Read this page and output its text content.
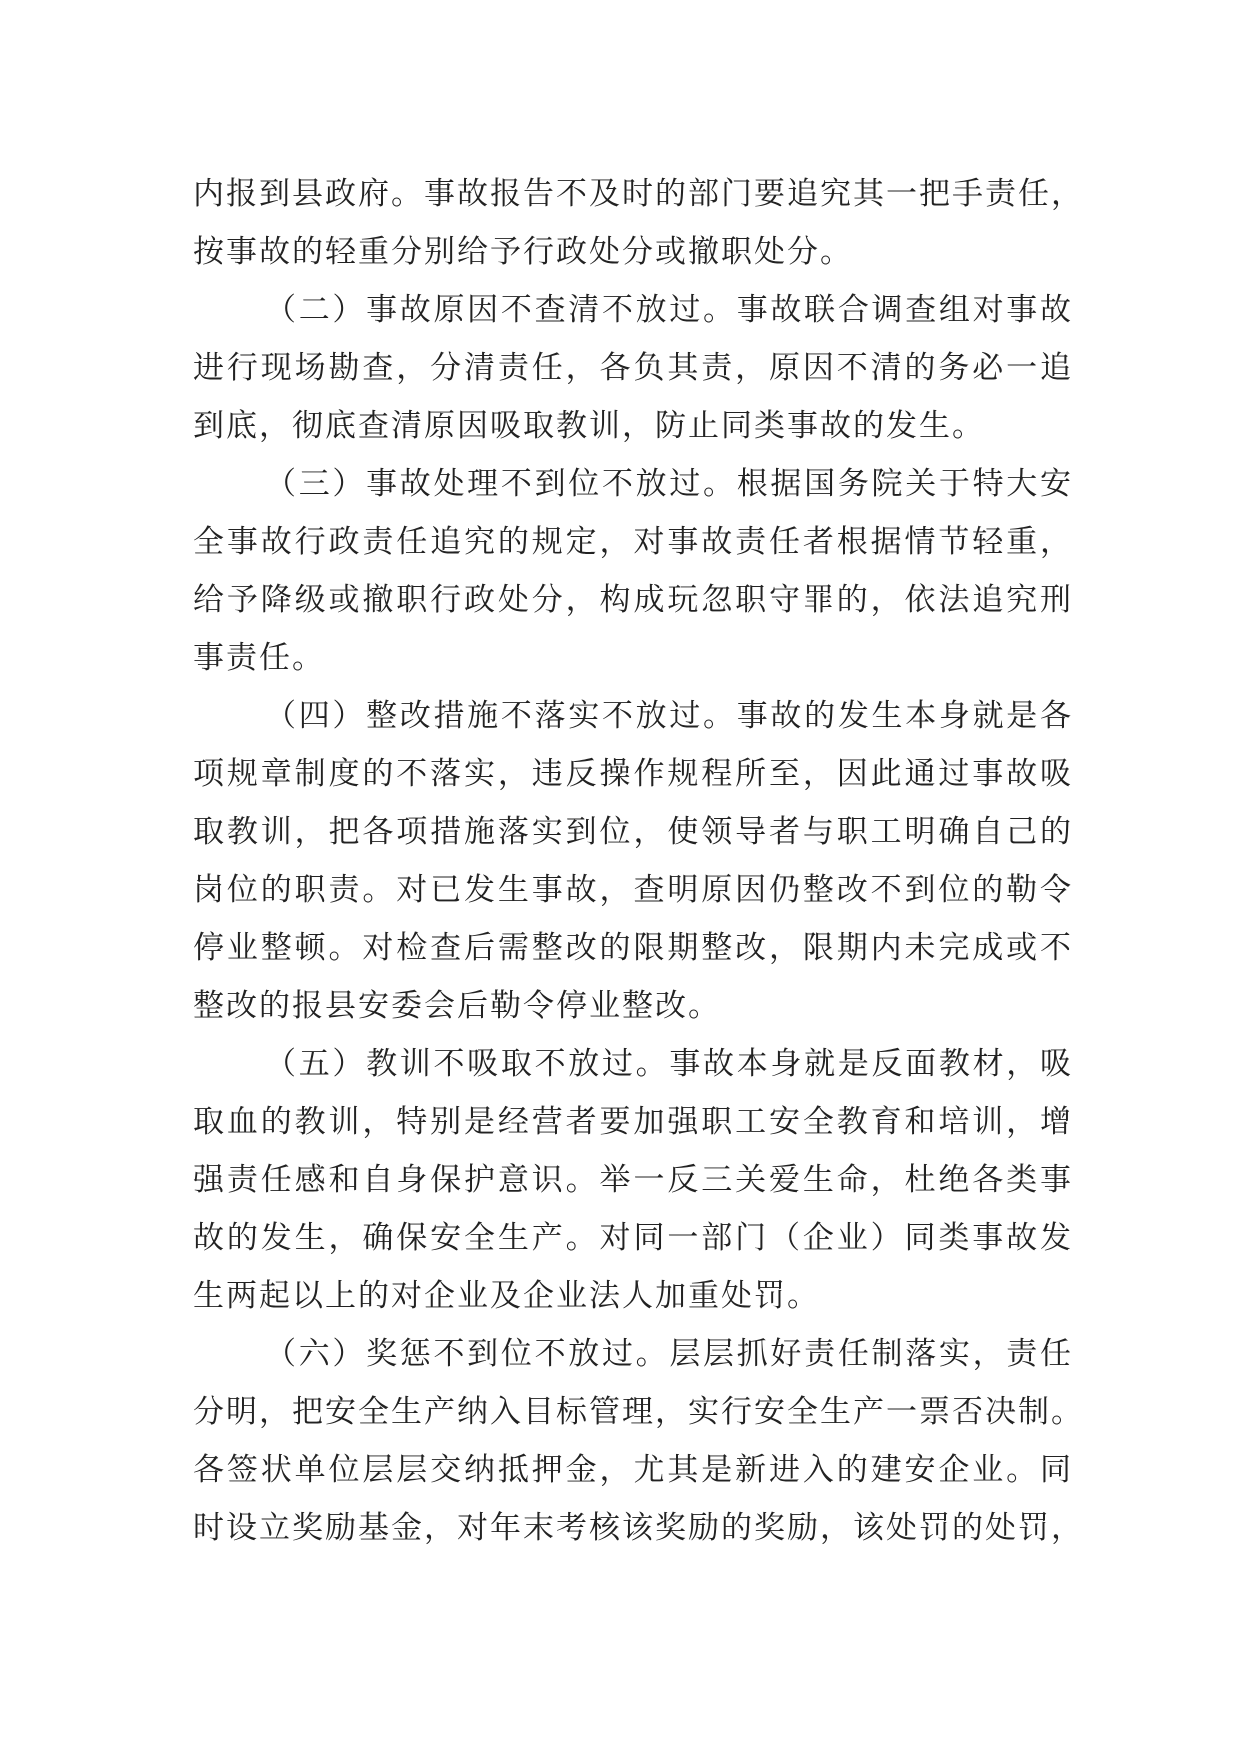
内报到县政府。事故报告不及时的部门要追究其一把手责任，
按事故的轻重分别给予行政处分或撤职处分。
（二）事故原因不查清不放过。事故联合调查组对事故
进行现场勘查，分清责任，各负其责，原因不清的务必一追
到底，彻底查清原因吸取教训，防止同类事故的发生。
（三）事故处理不到位不放过。根据国务院关于特大安
全事故行政责任追究的规定，对事故责任者根据情节轻重，
给予降级或撤职行政处分，构成玩忽职守罪的，依法追究刑
事责任。
（四）整改措施不落实不放过。事故的发生本身就是各
项规章制度的不落实，违反操作规程所至，因此通过事故吸
取教训，把各项措施落实到位，使领导者与职工明确自己的
岗位的职责。对已发生事故，查明原因仍整改不到位的勒令
停业整顿。对检查后需整改的限期整改，限期内未完成或不
整改的报县安委会后勒令停业整改。
（五）教训不吸取不放过。事故本身就是反面教材，吸
取血的教训，特别是经营者要加强职工安全教育和培训，增
强责任感和自身保护意识。举一反三关爱生命，杜绝各类事
故的发生，确保安全生产。对同一部门（企业）同类事故发
生两起以上的对企业及企业法人加重处罚。
（六）奖惩不到位不放过。层层抓好责任制落实，责任
分明，把安全生产纳入目标管理，实行安全生产一票否决制。
各签状单位层层交纳抵押金，尤其是新进入的建安企业。同
时设立奖励基金，对年末考核该奖励的奖励，该处罚的处罚，
